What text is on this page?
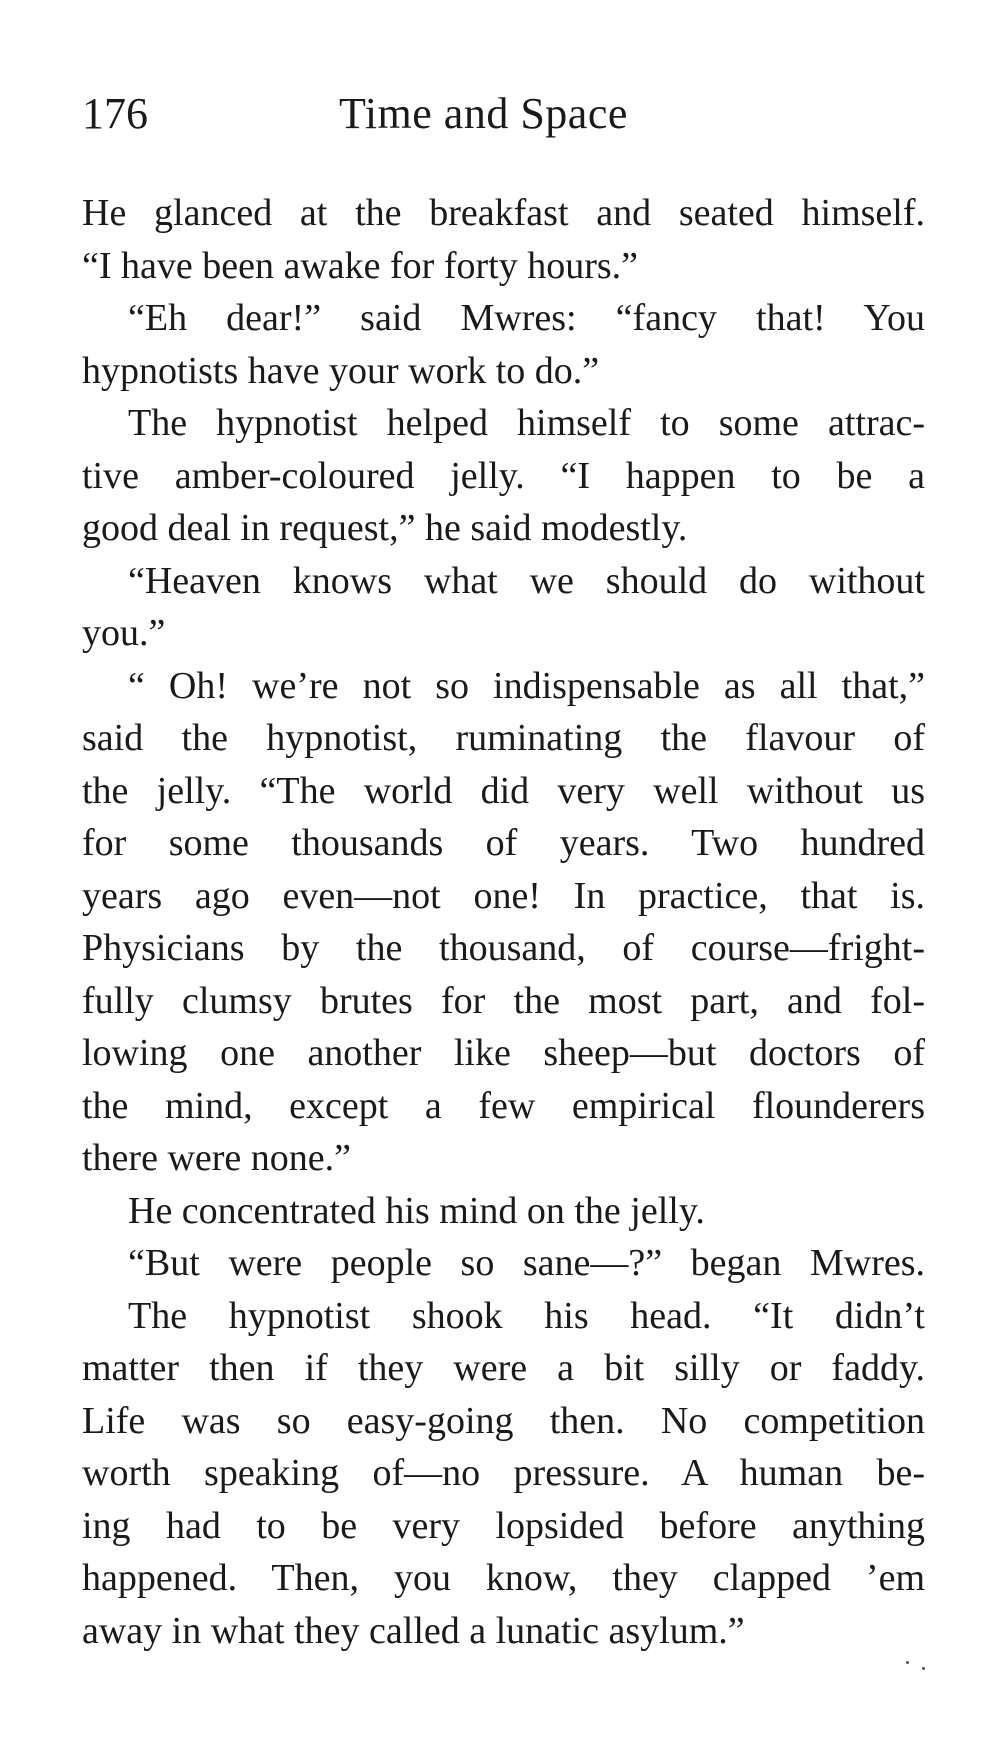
176	Time and Space
He glanced at the breakfast and seated himself.
“I have been awake for forty hours.”
“Eh dear!” said Mwres: “fancy that! You
hypnotists have your work to do.”
The hypnotist helped himself to some attrac-
tive amber-coloured jelly. “I happen to be a
good deal in request,” he said modestly.
“Heaven knows what we should do without
you.”
“ Oh! we’re not so indispensable as all that,”
said the hypnotist, ruminating the flavour of
the jelly. “The world did very well without us
for some thousands of years. Two hundred
years ago even—not one! In practice, that is.
Physicians by the thousand, of course—fright-
fully clumsy brutes for the most part, and fol-
lowing one another like sheep—but doctors of
the mind, except a few empirical flounderers
there were none.”
He concentrated his mind on the jelly.
“But were people so sane—?” began Mwres.
The hypnotist shook his head. “It didn’t
matter then if they were a bit silly or faddy.
Life was so easy-going then. No competition
worth speaking of—no pressure. A human be-
ing had to be very lopsided before anything
happened. Then, you know, they clapped ’em
away in what they called a lunatic asylum.”
